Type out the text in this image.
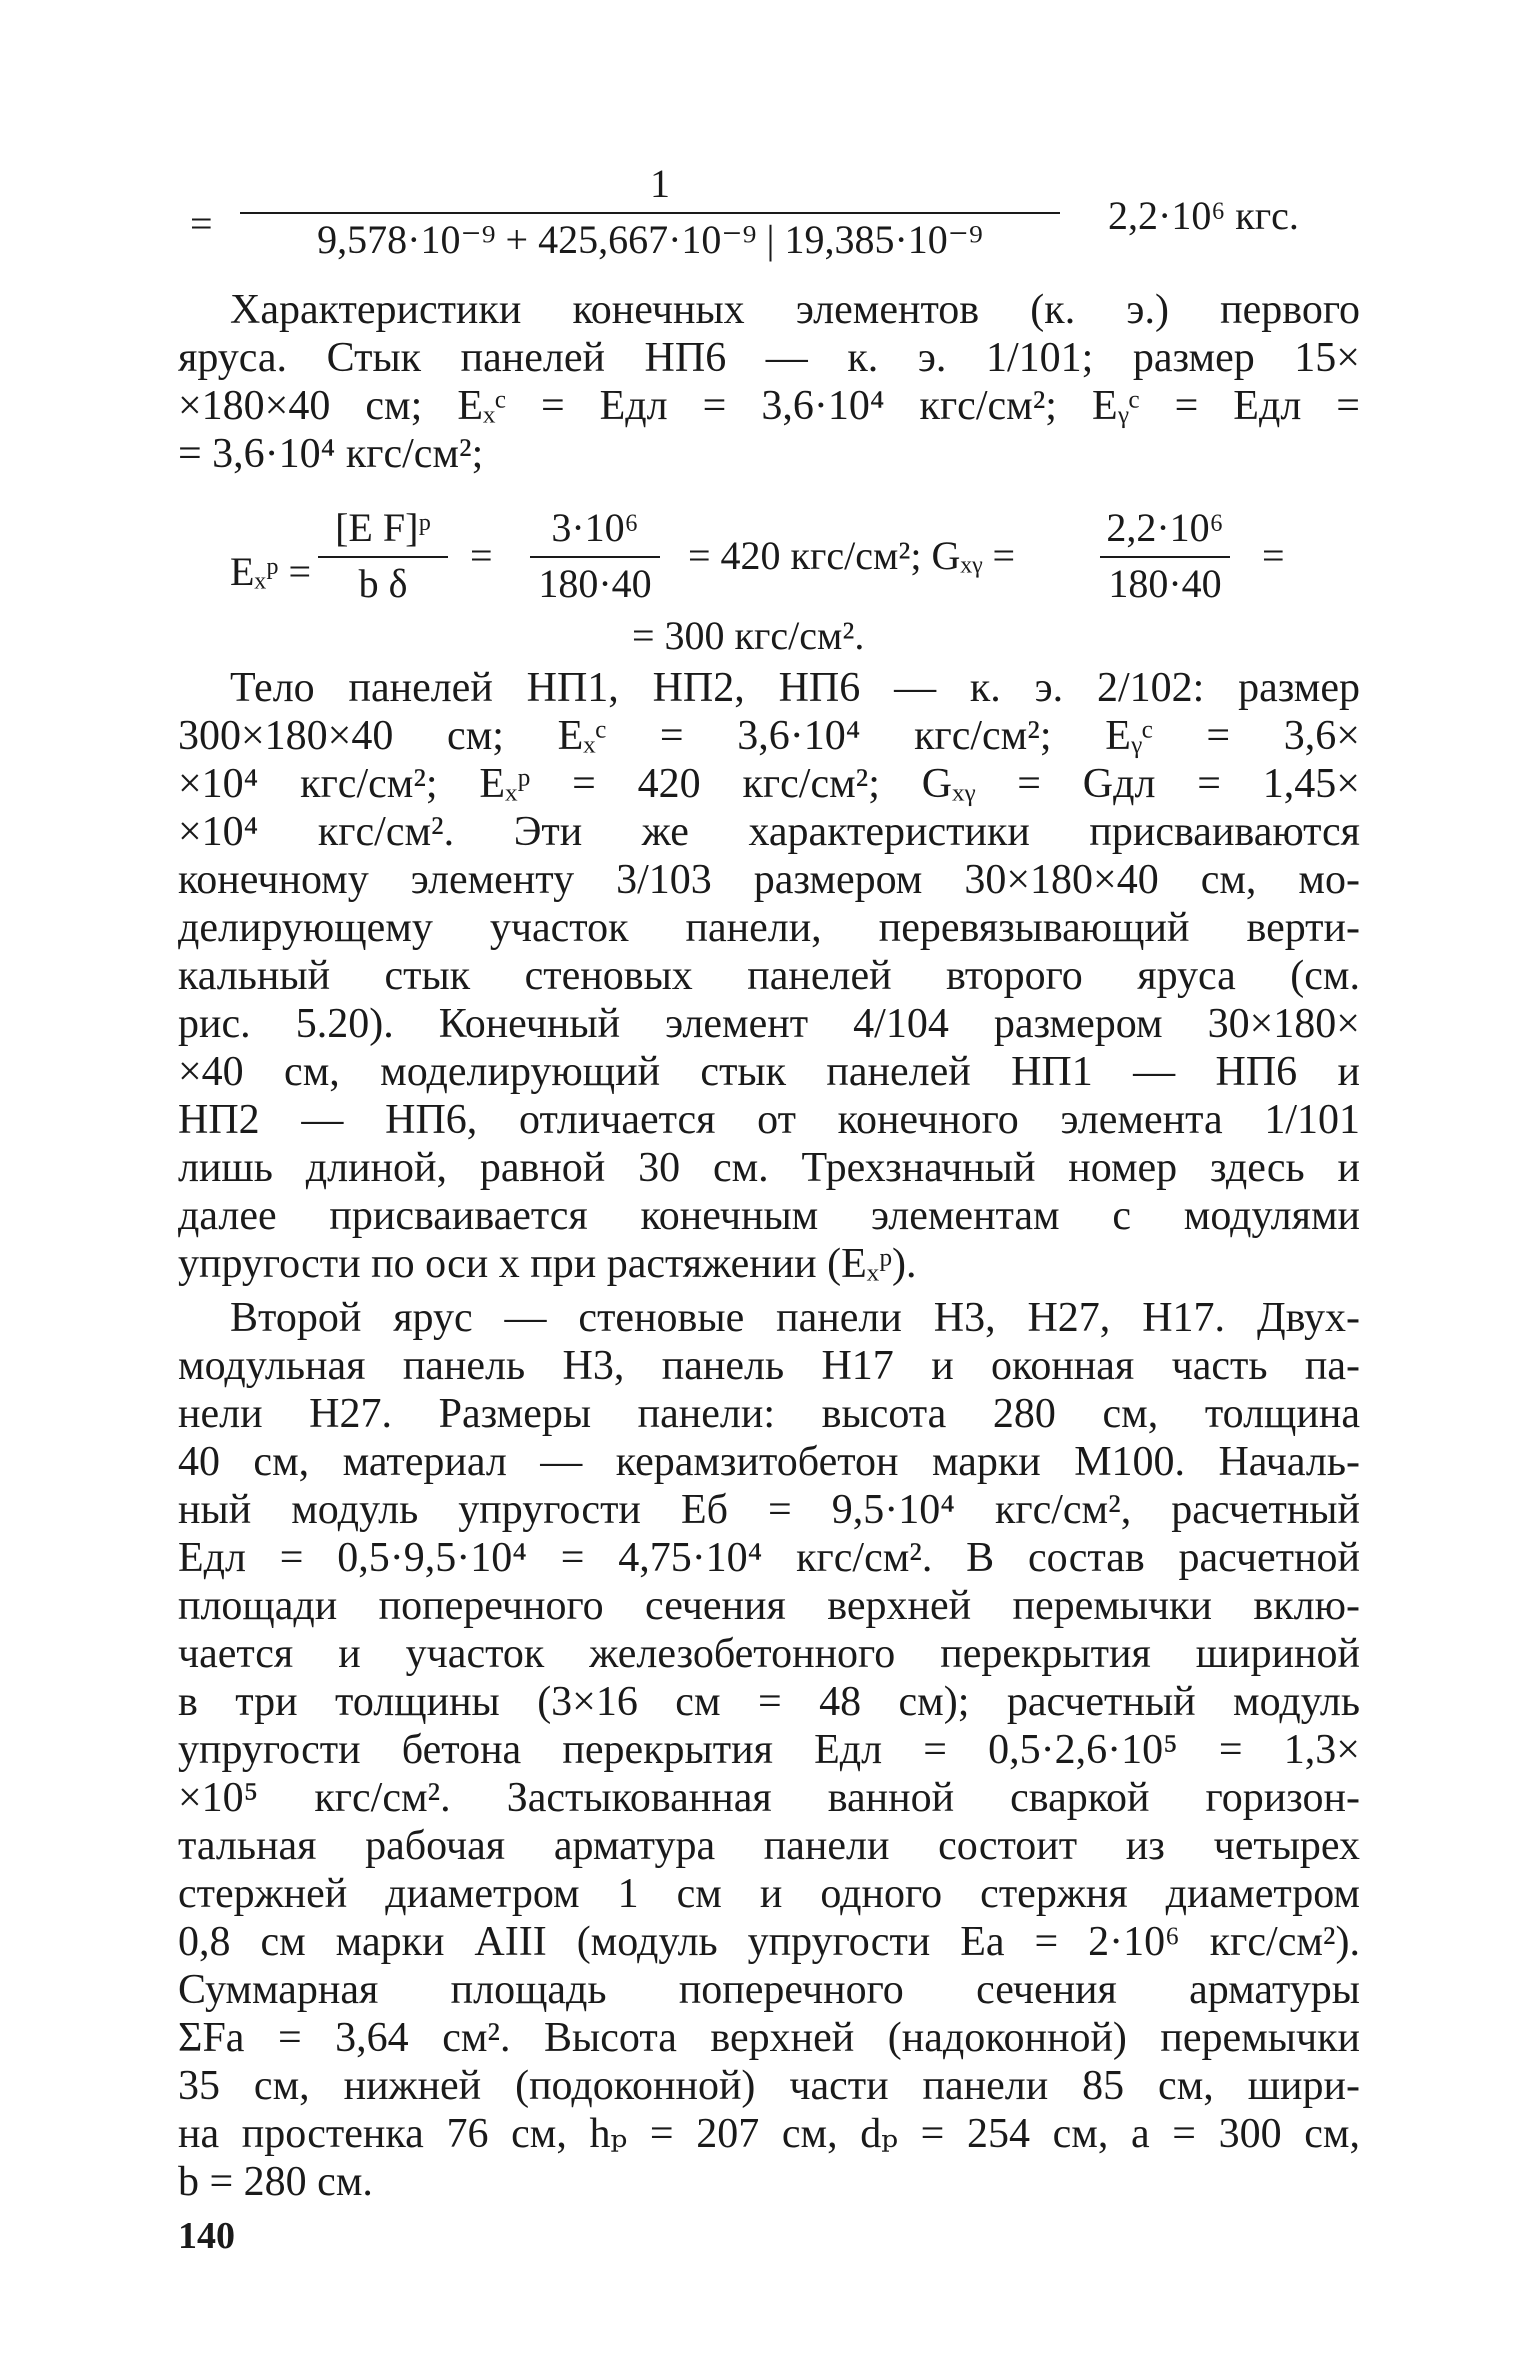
=
1
9,578·10⁻⁹ + 425,667·10⁻⁹ | 19,385·10⁻⁹
2,2·10⁶ кгс.
Характеристики конечных элементов (к. э.) первого
яруса. Стык панелей НП6 — к. э. 1/101; размер 15×
×180×40 см; Eₓᶜ = Eдл = 3,6·10⁴ кгс/см²; Eᵧᶜ = Eдл =
= 3,6·10⁴ кгс/см²;
Eₓᵖ =
[E F]ᵖ
b δ
=
3·10⁶
180·40
= 420 кгс/см²; Gₓᵧ =
2,2·10⁶
180·40
=
= 300 кгс/см².
Тело панелей НП1, НП2, НП6 — к. э. 2/102: размер
300×180×40 см; Eₓᶜ = 3,6·10⁴ кгс/см²; Eᵧᶜ = 3,6×
×10⁴ кгс/см²; Eₓᵖ = 420 кгс/см²; Gₓᵧ = Gдл = 1,45×
×10⁴ кгс/см². Эти же характеристики присваиваются
конечному элементу 3/103 размером 30×180×40 см, мо-
делирующему участок панели, перевязывающий верти-
кальный стык стеновых панелей второго яруса (см.
рис. 5.20). Конечный элемент 4/104 размером 30×180×
×40 см, моделирующий стык панелей НП1 — НП6 и
НП2 — НП6, отличается от конечного элемента 1/101
лишь длиной, равной 30 см. Трехзначный номер здесь и
далее присваивается конечным элементам с модулями
упругости по оси x при растяжении (Eₓᵖ).
Второй ярус — стеновые панели Н3, Н27, Н17. Двух-
модульная панель Н3, панель Н17 и оконная часть па-
нели Н27. Размеры панели: высота 280 см, толщина
40 см, материал — керамзитобетон марки М100. Началь-
ный модуль упругости Eб = 9,5·10⁴ кгс/см², расчетный
Eдл = 0,5·9,5·10⁴ = 4,75·10⁴ кгс/см². В состав расчетной
площади поперечного сечения верхней перемычки вклю-
чается и участок железобетонного перекрытия шириной
в три толщины (3×16 см = 48 см); расчетный модуль
упругости бетона перекрытия Eдл = 0,5·2,6·10⁵ = 1,3×
×10⁵ кгс/см². Застыкованная ванной сваркой горизон-
тальная рабочая арматура панели состоит из четырех
стержней диаметром 1 см и одного стержня диаметром
0,8 см марки АIII (модуль упругости Eа = 2·10⁶ кгс/см²).
Суммарная площадь поперечного сечения арматуры
ΣFа = 3,64 см². Высота верхней (надоконной) перемычки
35 см, нижней (подоконной) части панели 85 см, шири-
на простенка 76 см, hₚ = 207 см, dₚ = 254 см, a = 300 см,
b = 280 см.
140
